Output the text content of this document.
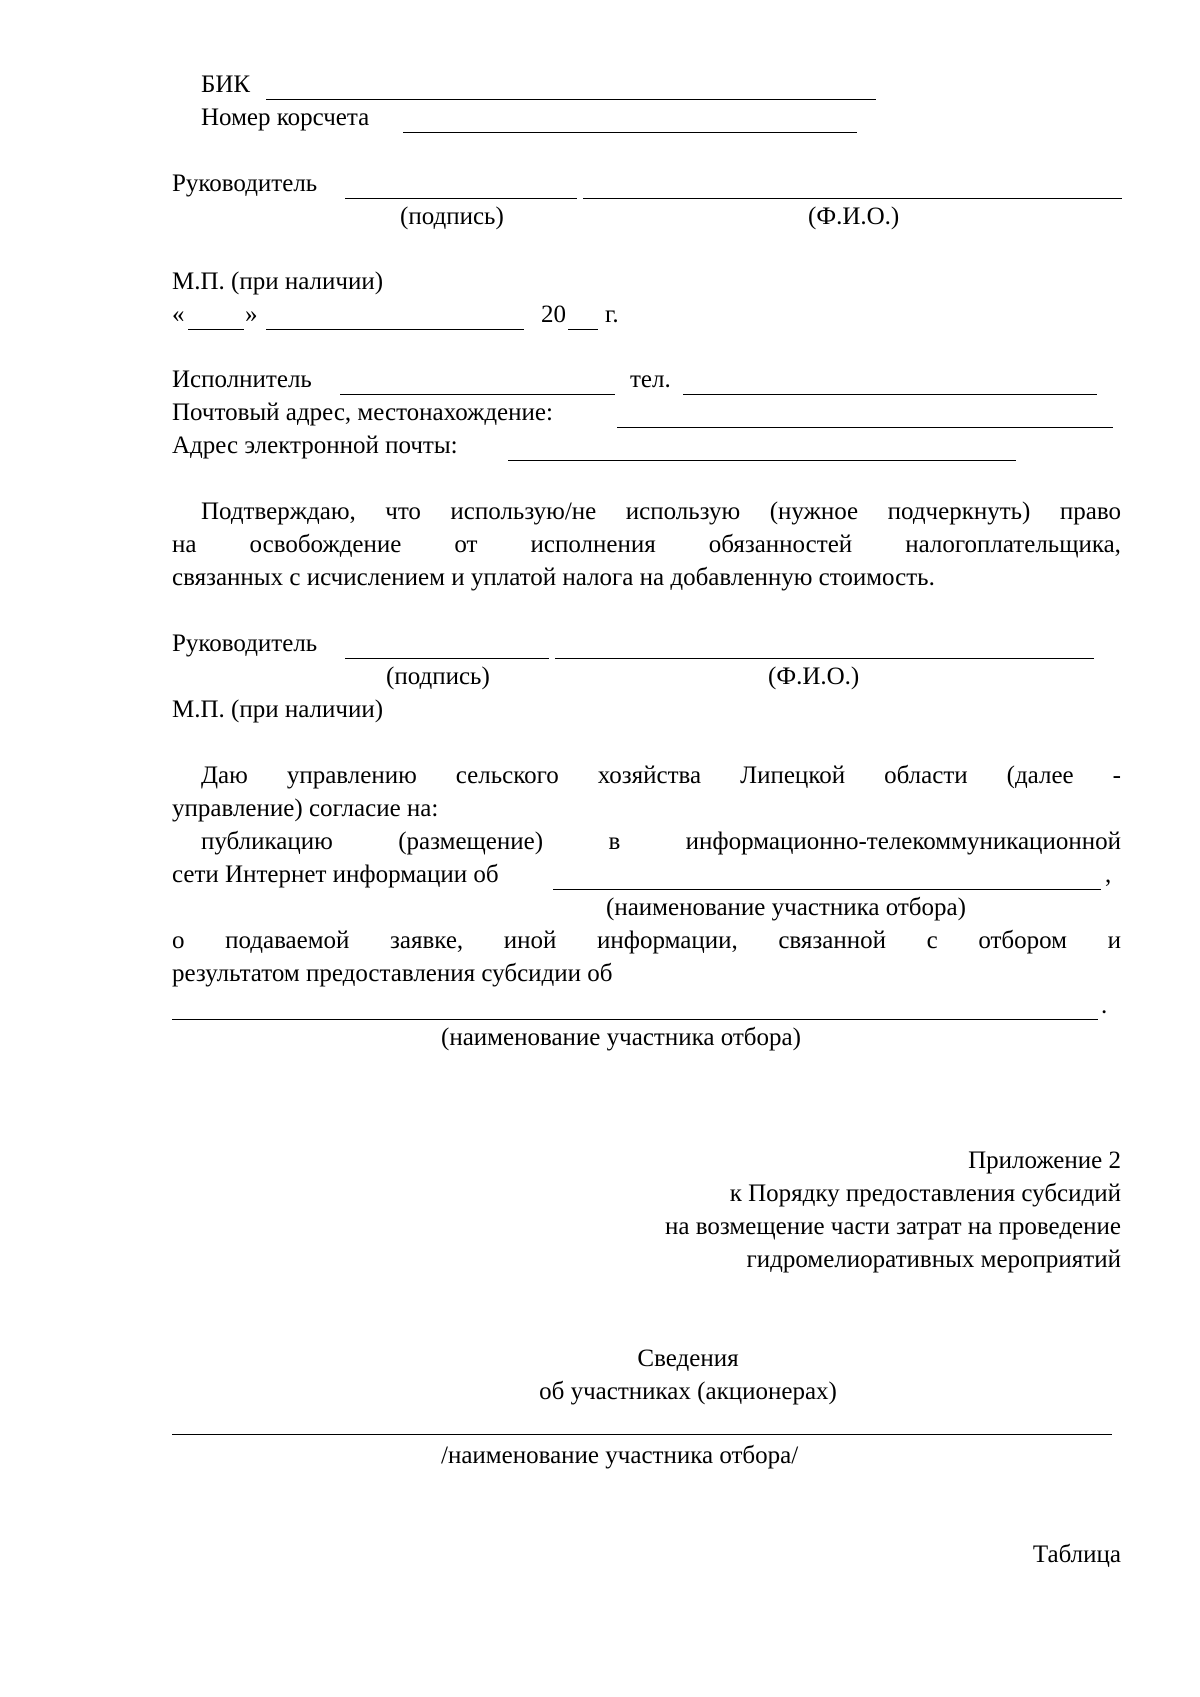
БИК
Номер корсчета
Руководитель
(подпись)	(Ф.И.О.)
М.П. (при наличии)
« »	20 г.
Исполнитель	тел.
Почтовый адрес, местонахождение:
Адрес электронной почты:
Подтверждаю, что использую/не использую (нужное подчеркнуть) право
на освобождение от исполнения обязанностей налогоплательщика,
связанных с исчислением и уплатой налога на добавленную стоимость.
Руководитель
(подпись)	(Ф.И.О.)
М.П. (при наличии)
Даю управлению сельского хозяйства Липецкой области (далее -
управление) согласие на:
публикацию	(размещение)	в	информационно-телекоммуникационной
сети Интернет информации об	,
(наименование участника отбора)
о подаваемой заявке, иной информации, связанной с отбором и
результатом предоставления субсидии об
.
(наименование участника отбора)
Приложение 2
к Порядку предоставления субсидий
на возмещение части затрат на проведение
гидромелиоративных мероприятий
Сведения
об участниках (акционерах)
/наименование участника отбора/
Таблица
